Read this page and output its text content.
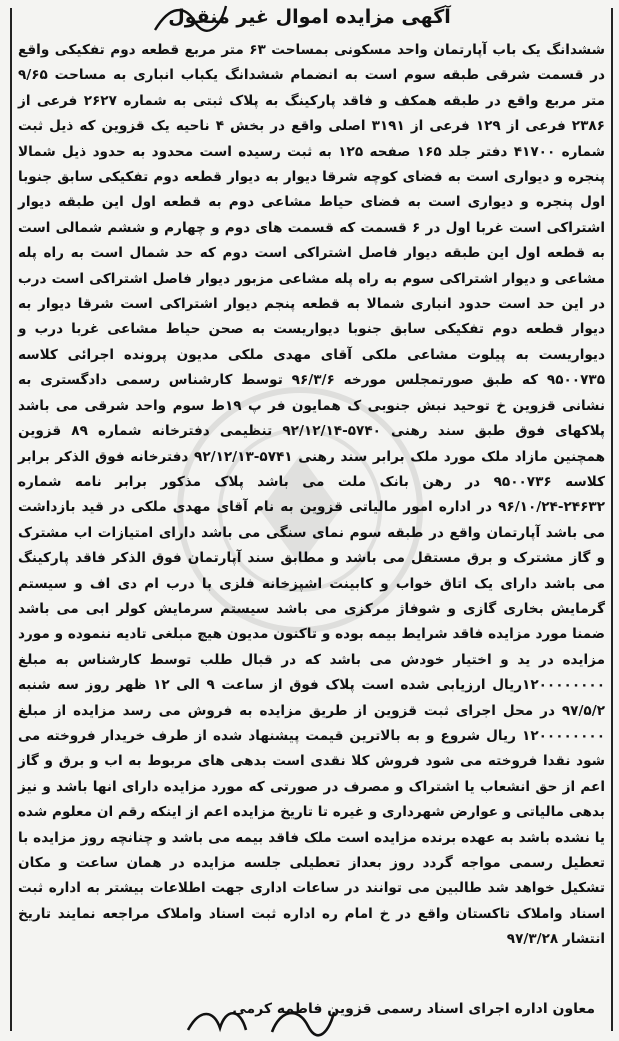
آگهی مزایده اموال غیر منقول
ششدانگ یک باب آپارتمان واحد مسکونی بمساحت ۶۳ متر مربع قطعه دوم تفکیکی واقع در قسمت شرقی طبقه سوم است به انضمام ششدانگ یکباب انباری به مساحت ۹/۶۵ متر مربع واقع در طبقه همکف و فاقد پارکینگ به پلاک ثبتی به شماره ۲۶۲۷ فرعی از ۲۳۸۶ فرعی از ۱۲۹ فرعی از ۳۱۹۱ اصلی واقع در بخش ۴ ناحیه یک قزوین که ذیل ثبت شماره ۴۱۷۰۰ دفتر جلد ۱۶۵ صفحه ۱۲۵ به ثبت رسیده است محدود به حدود ذیل شمالا پنجره و دیواری است به فضای کوچه شرقا دیوار به دیوار قطعه دوم تفکیکی سابق جنوبا اول پنجره و دیواری است به فضای حیاط مشاعی دوم به قطعه اول این طبقه دیوار اشتراکی است غربا اول در ۶ قسمت که قسمت های دوم و چهارم و ششم شمالی است به قطعه اول این طبقه دیوار فاصل اشتراکی است دوم که حد شمال است به راه پله مشاعی و دیوار اشتراکی سوم به راه پله مشاعی مزبور دیوار فاصل اشتراکی است درب در این حد است حدود انباری شمالا به قطعه پنجم دیوار اشتراکی است شرقا دیوار به دیوار قطعه دوم تفکیکی سابق جنوبا دیواریست به صحن حیاط مشاعی غربا درب و دیواریست به پیلوت مشاعی ملکی آقای مهدی ملکی مدیون پرونده اجرائی کلاسه ۹۵۰۰۷۳۵ که طبق صورتمجلس مورخه ۹۶/۳/۶ توسط کارشناس رسمی دادگستری به نشانی قزوین خ توحید نبش جنوبی ک همایون فر پ ۱۹ط سوم واحد شرقی می باشد پلاکهای فوق طبق سند رهنی ۵۷۴۰-۹۲/۱۲/۱۴ تنظیمی دفترخانه شماره ۸۹ قزوین همچنین مازاد ملک مورد ملک برابر سند رهنی ۵۷۴۱-۹۲/۱۲/۱۳ دفترخانه فوق الذکر برابر کلاسه ۹۵۰۰۷۳۶ در رهن بانک ملت می باشد پلاک مذکور برابر نامه شماره ۲۴۶۳۲-۹۶/۱۰/۲۴ در اداره امور مالیاتی قزوین به نام آقای مهدی ملکی در قید بازداشت می باشد آپارتمان واقع در طبقه سوم نمای سنگی می باشد دارای امتیازات اب مشترک و گاز مشترک و برق مستقل می باشد و مطابق سند آپارتمان فوق الذکر فاقد پارکینگ می باشد دارای یک اتاق خواب و کابینت اشپزخانه فلزی با درب ام دی اف و سیستم گرمایش بخاری گازی و شوفاژ مرکزی می باشد سیستم سرمایش کولر ابی می باشد ضمنا مورد مزایده فاقد شرایط بیمه بوده و تاکنون مدیون هیچ مبلغی تادیه ننموده و مورد مزایده در ید و اختیار خودش می باشد که در قبال طلب توسط کارشناس به مبلغ ۱۲۰۰۰۰۰۰۰۰ریال ارزیابی شده است پلاک فوق از ساعت ۹ الی ۱۲ ظهر روز سه شنبه ۹۷/۵/۲ در محل اجرای ثبت قزوین از طریق مزایده به فروش می رسد مزایده از مبلغ ۱۲۰۰۰۰۰۰۰۰ ریال شروع و به بالاترین قیمت پیشنهاد شده از طرف خریدار فروخته می شود نقدا فروخته می شود فروش کلا نقدی است بدهی های مربوط به اب و برق و گاز اعم از حق انشعاب یا اشتراک و مصرف در صورتی که مورد مزایده دارای انها باشد و نیز بدهی مالیاتی و عوارض شهرداری و غیره تا تاریخ مزایده اعم از اینکه رقم ان معلوم شده یا نشده باشد به عهده برنده مزایده است ملک فاقد بیمه می باشد و چنانچه روز مزایده با تعطیل رسمی مواجه گردد روز بعداز تعطیلی جلسه مزایده در همان ساعت و مکان تشکیل خواهد شد طالبین می توانند در ساعات اداری جهت اطلاعات بیشتر به اداره ثبت اسناد واملاک تاکستان واقع در خ امام ره اداره ثبت اسناد واملاک مراجعه نمایند تاریخ انتشار ۹۷/۳/۲۸
معاون اداره اجرای اسناد رسمی قزوین فاطمه کرمی
